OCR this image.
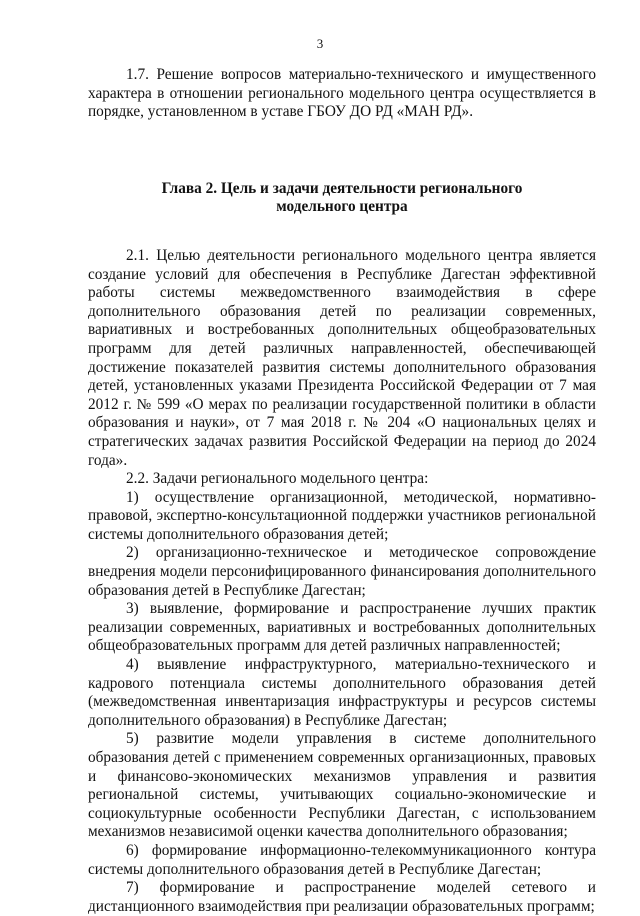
3

1.7. Решение вопросов материально-технического и имущественного характера в отношении регионального модельного центра осуществляется в порядке, установленном в уставе ГБОУ ДО РД «МАН РД».

Глава 2. Цель и задачи деятельности регионального модельного центра

2.1. Целью деятельности регионального модельного центра является создание условий для обеспечения в Республике Дагестан эффективной работы системы межведомственного взаимодействия в сфере дополнительного образования детей по реализации современных, вариативных и востребованных дополнительных общеобразовательных программ для детей различных направленностей, обеспечивающей достижение показателей развития системы дополнительного образования детей, установленных указами Президента Российской Федерации от 7 мая 2012 г. № 599 «О мерах по реализации государственной политики в области образования и науки», от 7 мая 2018 г. № 204 «О национальных целях и стратегических задачах развития Российской Федерации на период до 2024 года».

2.2. Задачи регионального модельного центра:

1) осуществление организационной, методической, нормативно-правовой, экспертно-консультационной поддержки участников региональной системы дополнительного образования детей;

2) организационно-техническое и методическое сопровождение внедрения модели персонифицированного финансирования дополнительного образования детей в Республике Дагестан;

3) выявление, формирование и распространение лучших практик реализации современных, вариативных и востребованных дополнительных общеобразовательных программ для детей различных направленностей;

4) выявление инфраструктурного, материально-технического и кадрового потенциала системы дополнительного образования детей (межведомственная инвентаризация инфраструктуры и ресурсов системы дополнительного образования) в Республике Дагестан;

5) развитие модели управления в системе дополнительного образования детей с применением современных организационных, правовых и финансово-экономических механизмов управления и развития региональной системы, учитывающих социально-экономические и социокультурные особенности Республики Дагестан, с использованием механизмов независимой оценки качества дополнительного образования;

6) формирование информационно-телекоммуникационного контура системы дополнительного образования детей в Республике Дагестан;

7) формирование и распространение моделей сетевого и дистанционного взаимодействия при реализации образовательных программ;
